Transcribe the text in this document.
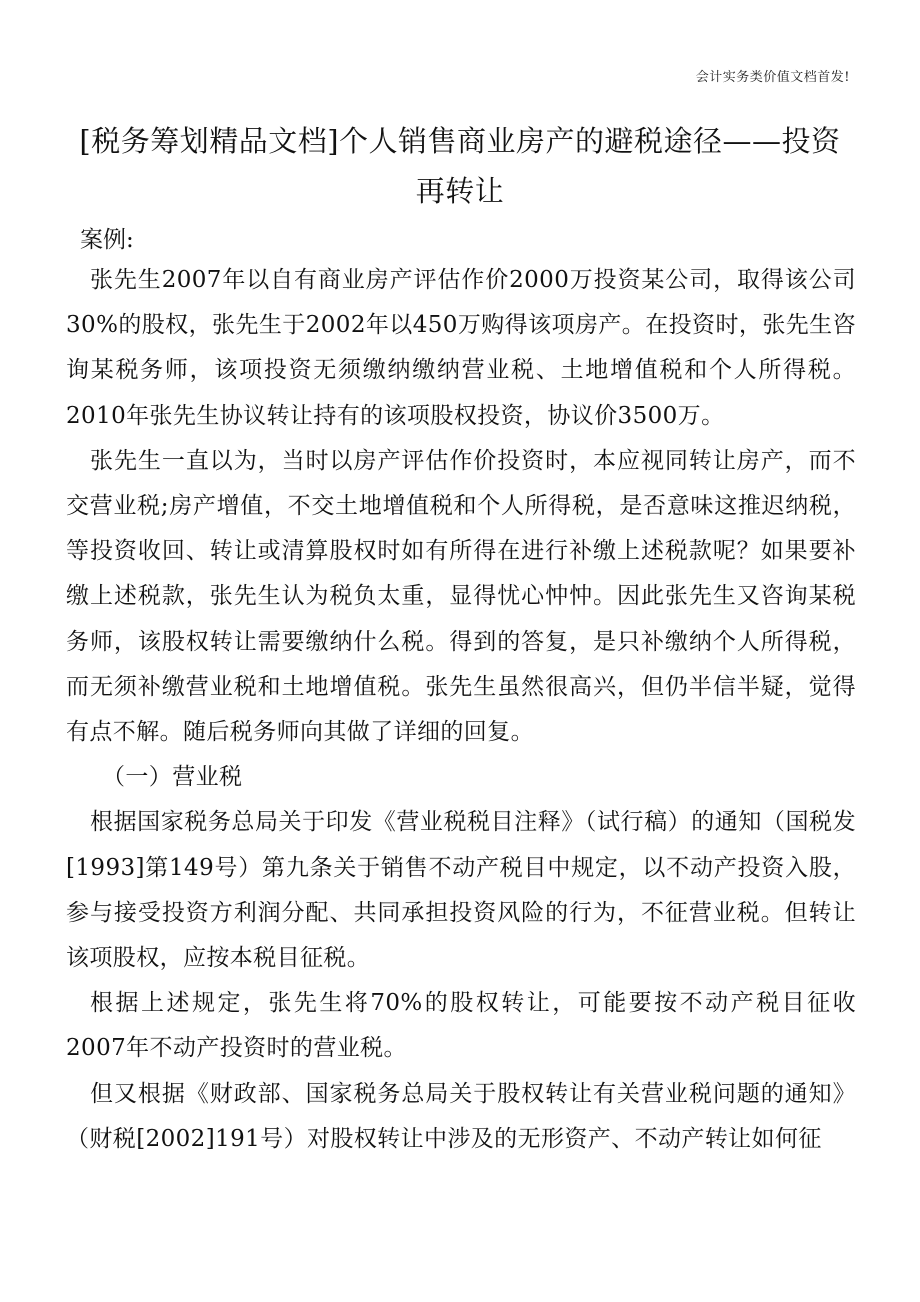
会计实务类价值文档首发!
[税务筹划精品文档]个人销售商业房产的避税途径——投资再转让
案例:

张先生2007年以自有商业房产评估作价2000万投资某公司，取得该公司30%的股权，张先生于2002年以450万购得该项房产。在投资时，张先生咨询某税务师，该项投资无须缴纳缴纳营业税、土地增值税和个人所得税。2010年张先生协议转让持有的该项股权投资，协议价3500万。

张先生一直以为，当时以房产评估作价投资时，本应视同转让房产，而不交营业税;房产增值，不交土地增值税和个人所得税，是否意味这推迟纳税，等投资收回、转让或清算股权时如有所得在进行补缴上述税款呢？如果要补缴上述税款，张先生认为税负太重，显得忧心忡忡。因此张先生又咨询某税务师，该股权转让需要缴纳什么税。得到的答复，是只补缴纳个人所得税，而无须补缴营业税和土地增值税。张先生虽然很高兴，但仍半信半疑，觉得有点不解。随后税务师向其做了详细的回复。

（一）营业税

根据国家税务总局关于印发《营业税税目注释》（试行稿）的通知（国税发[1993]第149号）第九条关于销售不动产税目中规定，以不动产投资入股，参与接受投资方利润分配、共同承担投资风险的行为，不征营业税。但转让该项股权，应按本税目征税。

根据上述规定，张先生将70%的股权转让，可能要按不动产税目征收2007年不动产投资时的营业税。

但又根据《财政部、国家税务总局关于股权转让有关营业税问题的通知》（财税[2002]191号）对股权转让中涉及的无形资产、不动产转让如何征
